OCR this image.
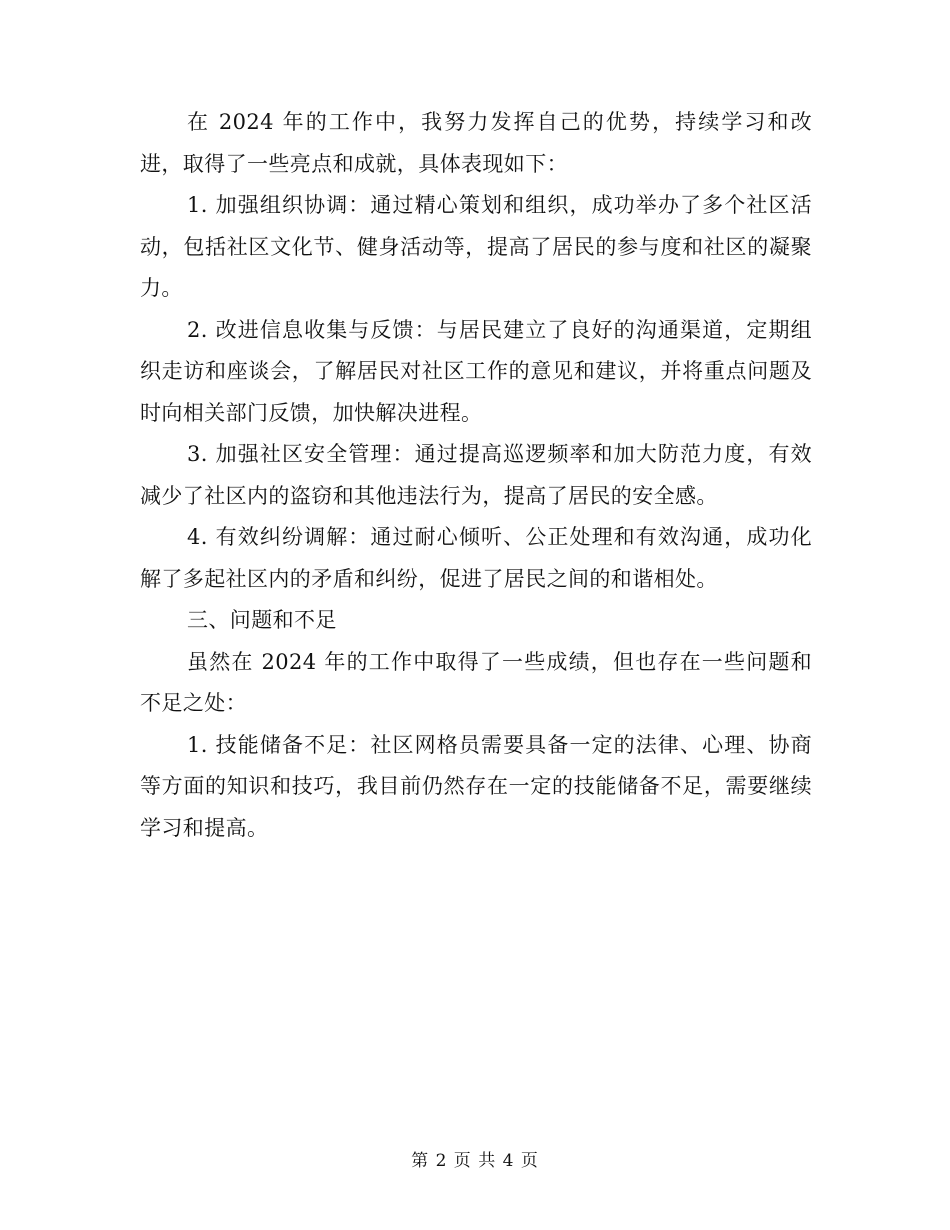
在 2024 年的工作中，我努力发挥自己的优势，持续学习和改进，取得了一些亮点和成就，具体表现如下：

1. 加强组织协调：通过精心策划和组织，成功举办了多个社区活动，包括社区文化节、健身活动等，提高了居民的参与度和社区的凝聚力。

2. 改进信息收集与反馈：与居民建立了良好的沟通渠道，定期组织走访和座谈会，了解居民对社区工作的意见和建议，并将重点问题及时向相关部门反馈，加快解决进程。

3. 加强社区安全管理：通过提高巡逻频率和加大防范力度，有效减少了社区内的盗窃和其他违法行为，提高了居民的安全感。

4. 有效纠纷调解：通过耐心倾听、公正处理和有效沟通，成功化解了多起社区内的矛盾和纠纷，促进了居民之间的和谐相处。

三、问题和不足

虽然在 2024 年的工作中取得了一些成绩，但也存在一些问题和不足之处：

1. 技能储备不足：社区网格员需要具备一定的法律、心理、协商等方面的知识和技巧，我目前仍然存在一定的技能储备不足，需要继续学习和提高。

第 2 页 共 4 页
